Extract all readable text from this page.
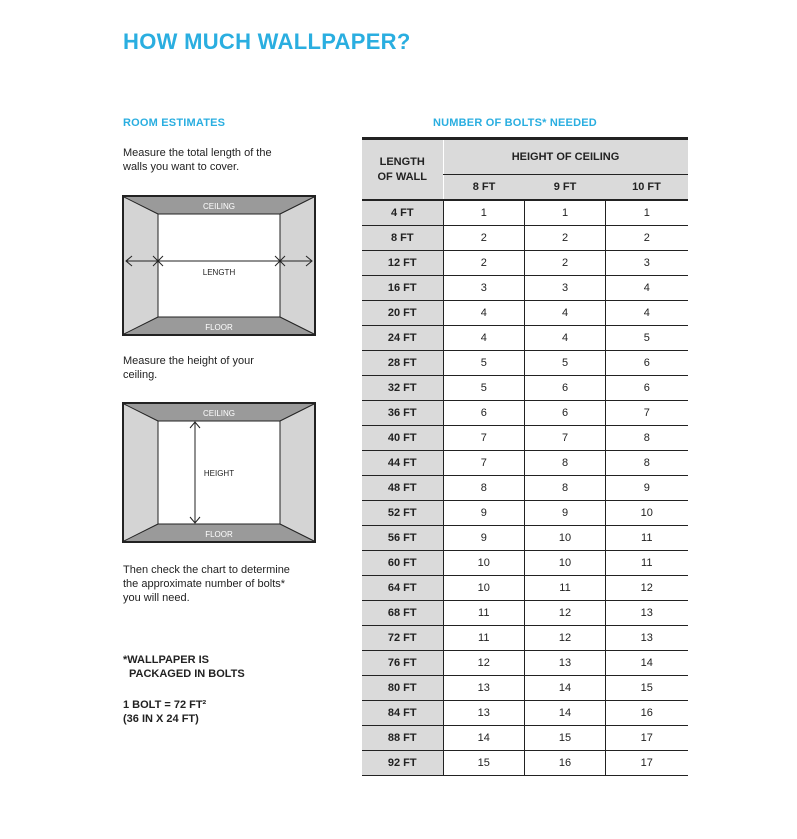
HOW MUCH WALLPAPER?
ROOM ESTIMATES
Measure the total length of the walls you want to cover.
CEILING
FLOOR
LENGTH
Measure the height of your ceiling.
CEILING
FLOOR
HEIGHT
Then check the chart to determine the approximate number of bolts* you will need.
*WALLPAPER IS
PACKAGED IN BOLTS
1 BOLT = 72 FT²
(36 IN X 24 FT)
NUMBER OF BOLTS* NEEDED
LENGTH
OF WALL	HEIGHT OF CEILING		
	8 FT	9 FT	10 FT
4 FT	1	1	1
8 FT	2	2	2
12 FT	2	2	3
16 FT	3	3	4
20 FT	4	4	4
24 FT	4	4	5
28 FT	5	5	6
32 FT	5	6	6
36 FT	6	6	7
40 FT	7	7	8
44 FT	7	8	8
48 FT	8	8	9
52 FT	9	9	10
56 FT	9	10	11
60 FT	10	10	11
64 FT	10	11	12
68 FT	11	12	13
72 FT	11	12	13
76 FT	12	13	14
80 FT	13	14	15
84 FT	13	14	16
88 FT	14	15	17
92 FT	15	16	17
